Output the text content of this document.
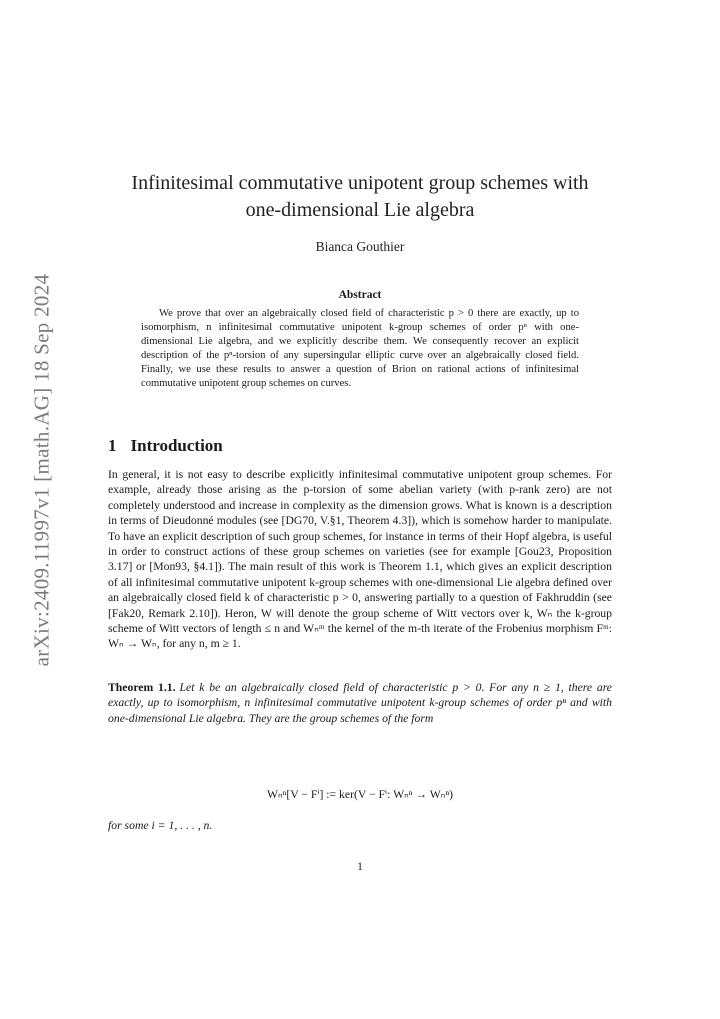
arXiv:2409.11997v1 [math.AG] 18 Sep 2024
Infinitesimal commutative unipotent group schemes with
one-dimensional Lie algebra
Bianca Gouthier
Abstract
We prove that over an algebraically closed field of characteristic p > 0 there are exactly, up to isomorphism, n infinitesimal commutative unipotent k-group schemes of order pⁿ with one-dimensional Lie algebra, and we explicitly describe them. We consequently recover an explicit description of the pⁿ-torsion of any supersingular elliptic curve over an algebraically closed field. Finally, we use these results to answer a question of Brion on rational actions of infinitesimal commutative unipotent group schemes on curves.
1 Introduction

In general, it is not easy to describe explicitly infinitesimal commutative unipotent group schemes. For example, already those arising as the p-torsion of some abelian variety (with p-rank zero) are not completely understood and increase in complexity as the dimension grows. What is known is a description in terms of Dieudonné modules (see [DG70, V.§1, Theorem 4.3]), which is somehow harder to manipulate. To have an explicit description of such group schemes, for instance in terms of their Hopf algebra, is useful in order to construct actions of these group schemes on varieties (see for example [Gou23, Proposition 3.17] or [Mon93, §4.1]). The main result of this work is Theorem 1.1, which gives an explicit description of all infinitesimal commutative unipotent k-group schemes with one-dimensional Lie algebra defined over an algebraically closed field k of characteristic p > 0, answering partially to a question of Fakhruddin (see [Fak20, Remark 2.10]). Heron, W will denote the group scheme of Witt vectors over k, Wₙ the k-group scheme of Witt vectors of length ≤ n and Wₙᵐ the kernel of the m-th iterate of the Frobenius morphism Fᵐ: Wₙ → Wₙ, for any n, m ≥ 1.

Theorem 1.1. Let k be an algebraically closed field of characteristic p > 0. For any n ≥ 1, there are exactly, up to isomorphism, n infinitesimal commutative unipotent k-group schemes of order pⁿ and with one-dimensional Lie algebra. They are the group schemes of the form

Wₙⁿ[V − Fⁱ] := ker(V − Fⁱ: Wₙⁿ → Wₙⁿ)
for some i = 1, . . . , n.
1
